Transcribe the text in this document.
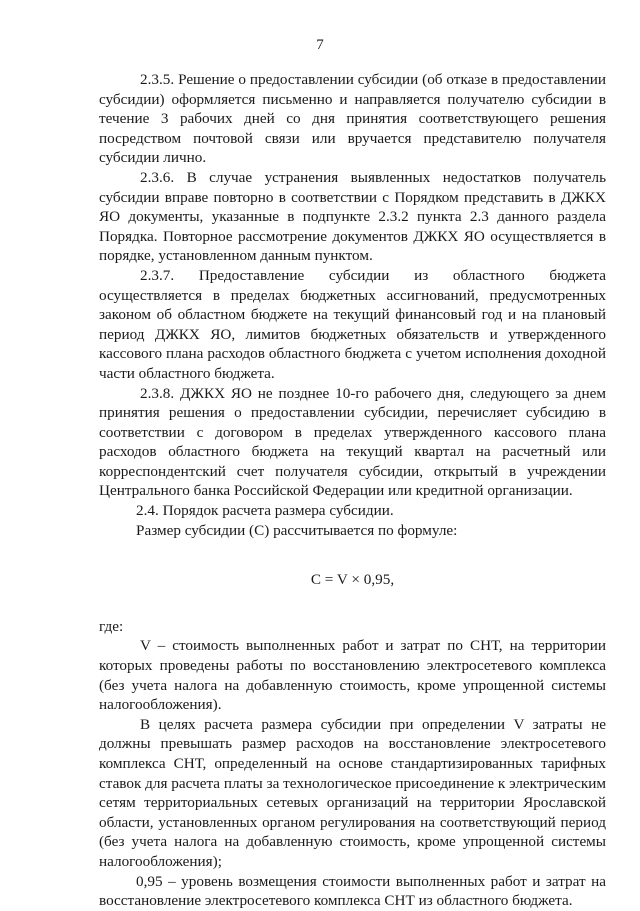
7

2.3.5. Решение о предоставлении субсидии (об отказе в предоставлении субсидии) оформляется письменно и направляется получателю субсидии в течение 3 рабочих дней со дня принятия соответствующего решения посредством почтовой связи или вручается представителю получателя субсидии лично.

2.3.6. В случае устранения выявленных недостатков получатель субсидии вправе повторно в соответствии с Порядком представить в ДЖКХ ЯО документы, указанные в подпункте 2.3.2 пункта 2.3 данного раздела Порядка. Повторное рассмотрение документов ДЖКХ ЯО осуществляется в порядке, установленном данным пунктом.

2.3.7. Предоставление субсидии из областного бюджета осуществляется в пределах бюджетных ассигнований, предусмотренных законом об областном бюджете на текущий финансовый год и на плановый период ДЖКХ ЯО, лимитов бюджетных обязательств и утвержденного кассового плана расходов областного бюджета с учетом исполнения доходной части областного бюджета.

2.3.8. ДЖКХ ЯО не позднее 10-го рабочего дня, следующего за днем принятия решения о предоставлении субсидии, перечисляет субсидию в соответствии с договором в пределах утвержденного кассового плана расходов областного бюджета на текущий квартал на расчетный или корреспондентский счет получателя субсидии, открытый в учреждении Центрального банка Российской Федерации или кредитной организации.

2.4. Порядок расчета размера субсидии.

Размер субсидии (С) рассчитывается по формуле:

C = V × 0,95,

где:

V – стоимость выполненных работ и затрат по СНТ, на территории которых проведены работы по восстановлению электросетевого комплекса (без учета налога на добавленную стоимость, кроме упрощенной системы налогообложения).

В целях расчета размера субсидии при определении V затраты не должны превышать размер расходов на восстановление электросетевого комплекса СНТ, определенный на основе стандартизированных тарифных ставок для расчета платы за технологическое присоединение к электрическим сетям территориальных сетевых организаций на территории Ярославской области, установленных органом регулирования на соответствующий период (без учета налога на добавленную стоимость, кроме упрощенной системы налогообложения);

0,95 – уровень возмещения стоимости выполненных работ и затрат на восстановление электросетевого комплекса СНТ из областного бюджета.
